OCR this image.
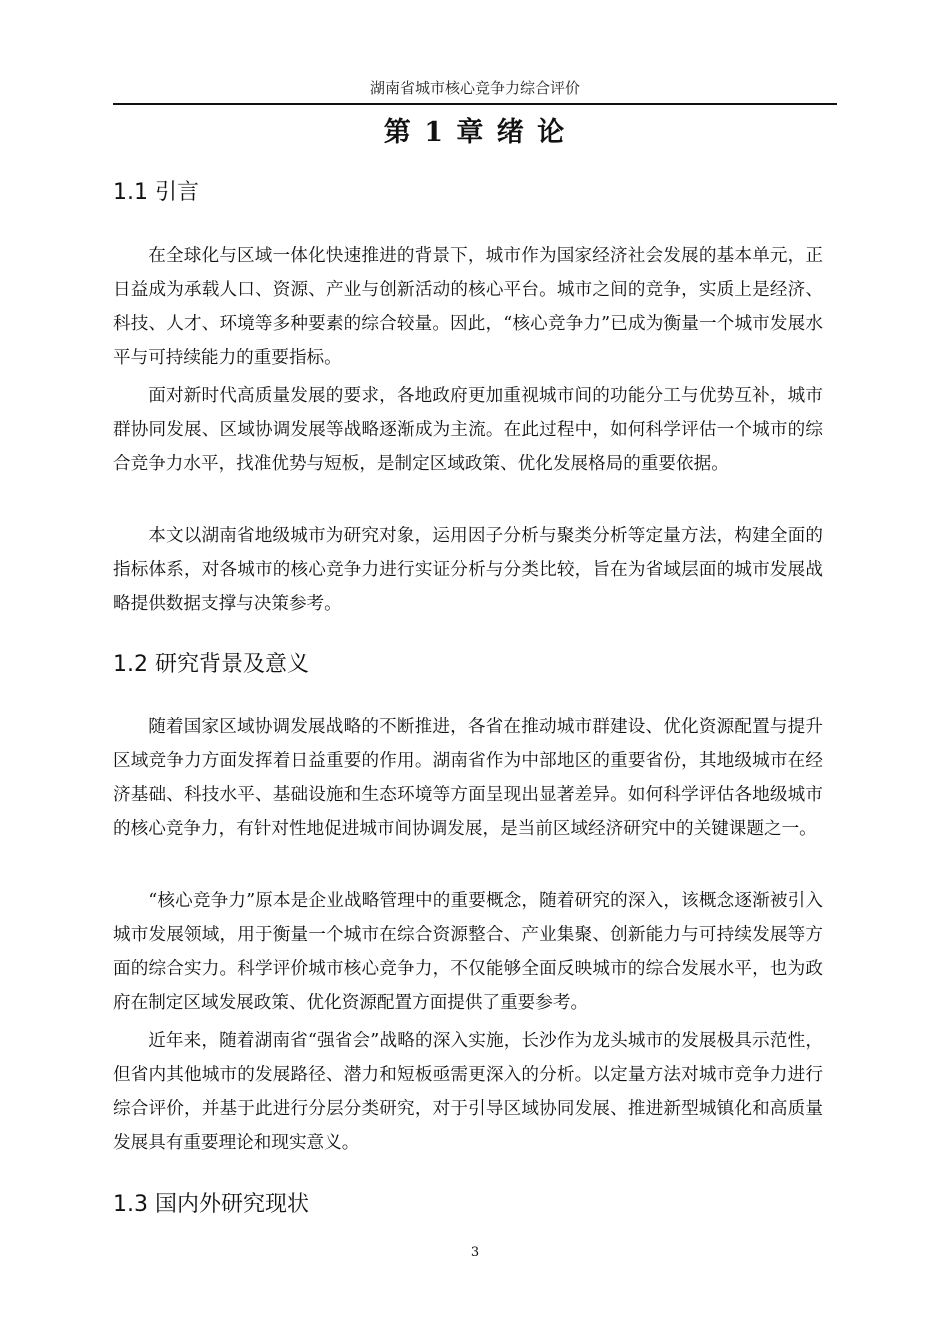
湖南省城市核心竞争力综合评价
第 1 章 绪 论
1.1 引言

在全球化与区域一体化快速推进的背景下，城市作为国家经济社会发展的基本单元，正日益成为承载人口、资源、产业与创新活动的核心平台。城市之间的竞争，实质上是经济、科技、人才、环境等多种要素的综合较量。因此，“核心竞争力”已成为衡量一个城市发展水平与可持续能力的重要指标。

面对新时代高质量发展的要求，各地政府更加重视城市间的功能分工与优势互补，城市群协同发展、区域协调发展等战略逐渐成为主流。在此过程中，如何科学评估一个城市的综合竞争力水平，找准优势与短板，是制定区域政策、优化发展格局的重要依据。

本文以湖南省地级城市为研究对象，运用因子分析与聚类分析等定量方法，构建全面的指标体系，对各城市的核心竞争力进行实证分析与分类比较，旨在为省域层面的城市发展战略提供数据支撑与决策参考。

1.2 研究背景及意义

随着国家区域协调发展战略的不断推进，各省在推动城市群建设、优化资源配置与提升区域竞争力方面发挥着日益重要的作用。湖南省作为中部地区的重要省份，其地级城市在经济基础、科技水平、基础设施和生态环境等方面呈现出显著差异。如何科学评估各地级城市的核心竞争力，有针对性地促进城市间协调发展，是当前区域经济研究中的关键课题之一。

“核心竞争力”原本是企业战略管理中的重要概念，随着研究的深入，该概念逐渐被引入城市发展领域，用于衡量一个城市在综合资源整合、产业集聚、创新能力与可持续发展等方面的综合实力。科学评价城市核心竞争力，不仅能够全面反映城市的综合发展水平，也为政府在制定区域发展政策、优化资源配置方面提供了重要参考。

近年来，随着湖南省“强省会”战略的深入实施，长沙作为龙头城市的发展极具示范性，但省内其他城市的发展路径、潜力和短板亟需更深入的分析。以定量方法对城市竞争力进行综合评价，并基于此进行分层分类研究，对于引导区域协同发展、推进新型城镇化和高质量发展具有重要理论和现实意义。

1.3 国内外研究现状
3
